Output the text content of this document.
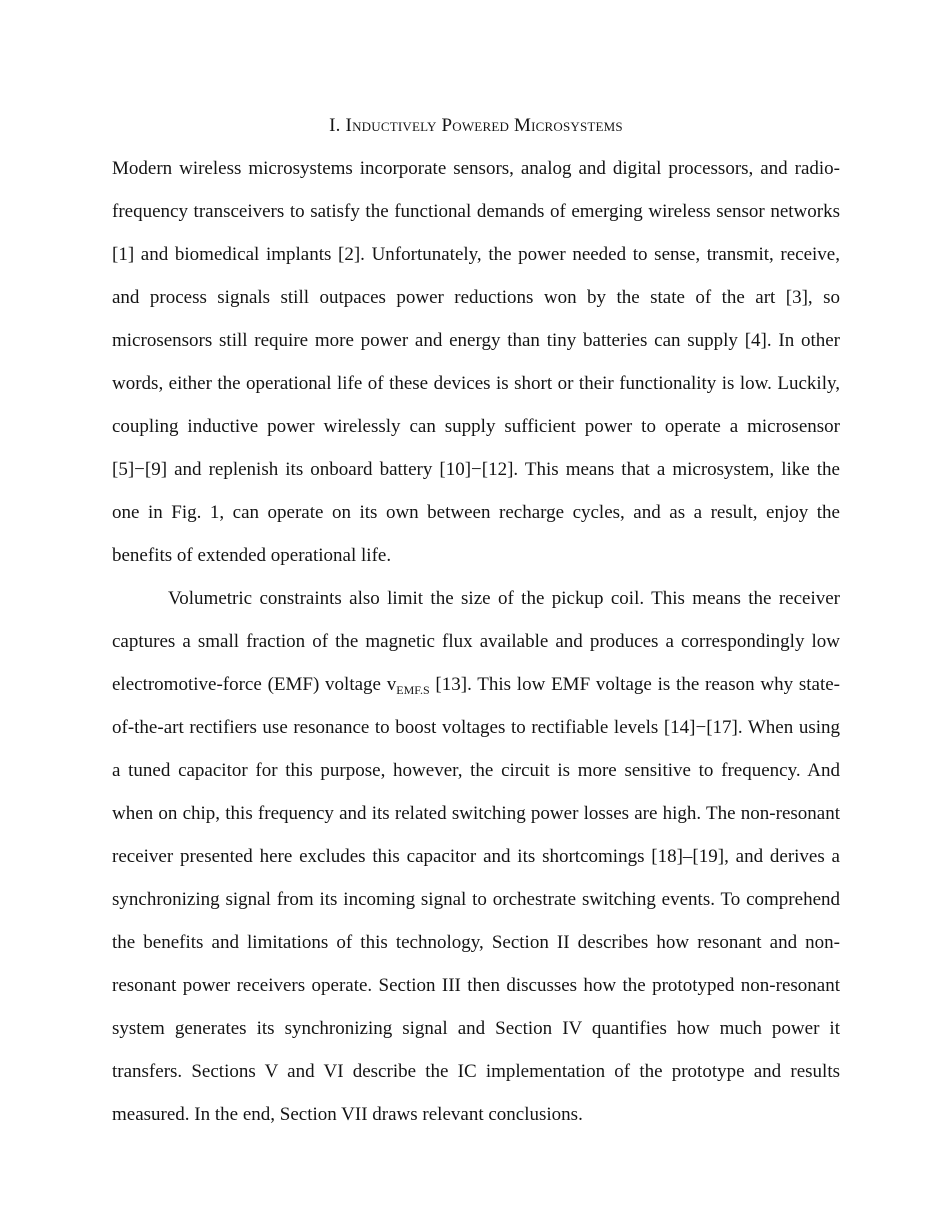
I. Inductively Powered Microsystems

Modern wireless microsystems incorporate sensors, analog and digital processors, and radio-frequency transceivers to satisfy the functional demands of emerging wireless sensor networks [1] and biomedical implants [2]. Unfortunately, the power needed to sense, transmit, receive, and process signals still outpaces power reductions won by the state of the art [3], so microsensors still require more power and energy than tiny batteries can supply [4]. In other words, either the operational life of these devices is short or their functionality is low. Luckily, coupling inductive power wirelessly can supply sufficient power to operate a microsensor [5]−[9] and replenish its onboard battery [10]−[12]. This means that a microsystem, like the one in Fig. 1, can operate on its own between recharge cycles, and as a result, enjoy the benefits of extended operational life.

Volumetric constraints also limit the size of the pickup coil. This means the receiver captures a small fraction of the magnetic flux available and produces a correspondingly low electromotive-force (EMF) voltage $v_{EMF.S}$ [13]. This low EMF voltage is the reason why state-of-the-art rectifiers use resonance to boost voltages to rectifiable levels [14]−[17]. When using a tuned capacitor for this purpose, however, the circuit is more sensitive to frequency. And when on chip, this frequency and its related switching power losses are high. The non-resonant receiver presented here excludes this capacitor and its shortcomings [18]–[19], and derives a synchronizing signal from its incoming signal to orchestrate switching events. To comprehend the benefits and limitations of this technology, Section II describes how resonant and non-resonant power receivers operate. Section III then discusses how the prototyped non-resonant system generates its synchronizing signal and Section IV quantifies how much power it transfers. Sections V and VI describe the IC implementation of the prototype and results measured. In the end, Section VII draws relevant conclusions.
